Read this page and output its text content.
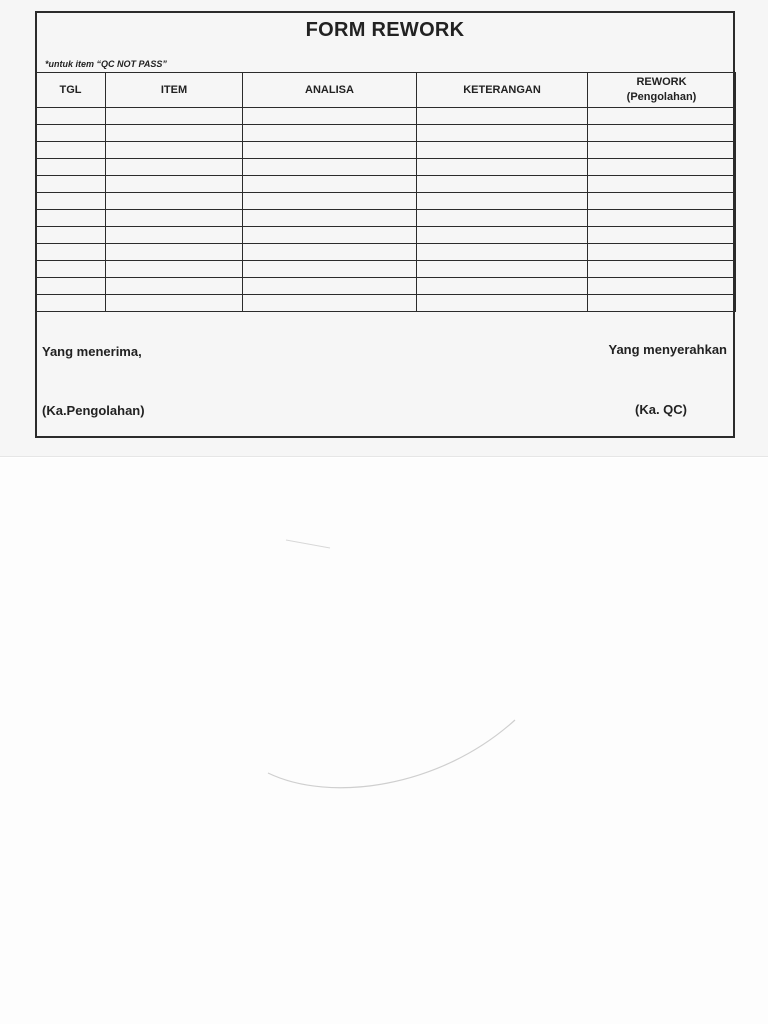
FORM REWORK
*untuk item “QC NOT PASS”
TGL	ITEM	ANALISA	KETERANGAN	REWORK
(Pengolahan)

Yang menerima,	Yang menyerahkan
(Ka.Pengolahan)	(Ka. QC)
